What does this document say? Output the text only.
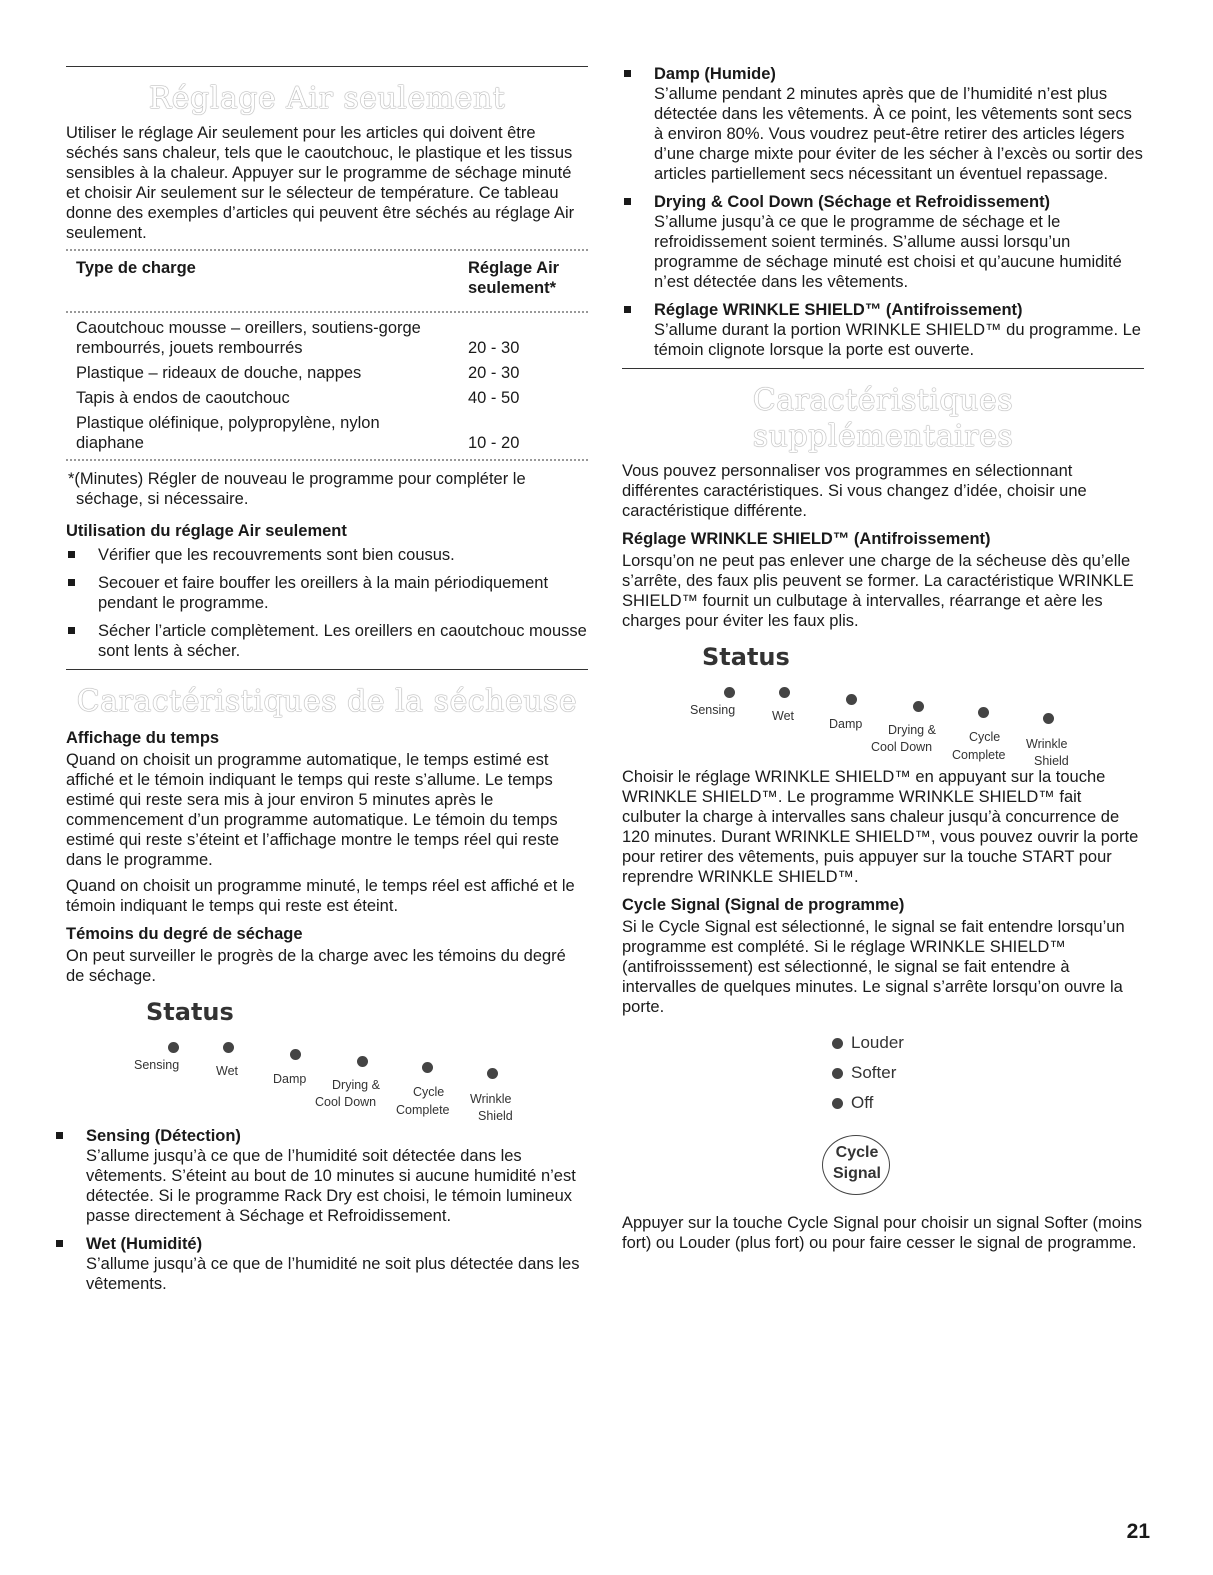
Réglage Air seulement

Utiliser le réglage Air seulement pour les articles qui doivent être séchés sans chaleur, tels que le caoutchouc, le plastique et les tissus sensibles à la chaleur. Appuyer sur le programme de séchage minuté et choisir Air seulement sur le sélecteur de température. Ce tableau donne des exemples d’articles qui peuvent être séchés au réglage Air seulement.

Type de charge	Réglage Air seulement*
Caoutchouc mousse – oreillers, soutiens-gorge rembourrés, jouets rembourrés	20 - 30
Plastique – rideaux de douche, nappes	20 - 30
Tapis à endos de caoutchouc	40 - 50
Plastique oléfinique, polypropylène, nylon diaphane	10 - 20

*(Minutes) Régler de nouveau le programme pour compléter le séchage, si nécessaire.

Utilisation du réglage Air seulement
Vérifier que les recouvrements sont bien cousus.
Secouer et faire bouffer les oreillers à la main périodiquement pendant le programme.
Sécher l’article complètement. Les oreillers en caoutchouc mousse sont lents à sécher.
Caractéristiques de la sécheuse
Affichage du temps

Quand on choisit un programme automatique, le temps estimé est affiché et le témoin indiquant le temps qui reste s’allume. Le temps estimé qui reste sera mis à jour environ 5 minutes après le commencement d’un programme automatique. Le témoin du temps estimé qui reste s’éteint et l’affichage montre le temps réel qui reste dans le programme.

Quand on choisit un programme minuté, le temps réel est affiché et le témoin indiquant le temps qui reste est éteint.

Témoins du degré de séchage

On peut surveiller le progrès de la charge avec les témoins du degré de séchage.

Status
Sensing	Wet
Damp Drying &
Cool Down
Cycle
Complete
Wrinkle
Shield
Sensing (Détection)
S’allume jusqu’à ce que de l’humidité soit détectée dans les vêtements. S’éteint au bout de 10 minutes si aucune humidité n’est détectée. Si le programme Rack Dry est choisi, le témoin lumineux passe directement à Séchage et Refroidissement.
Wet (Humidité)
S’allume jusqu’à ce que de l’humidité ne soit plus détectée dans les vêtements.
Damp (Humide)
S’allume pendant 2 minutes après que de l’humidité n’est plus détectée dans les vêtements. À ce point, les vêtements sont secs à environ 80%. Vous voudrez peut-être retirer des articles légers d’une charge mixte pour éviter de les sécher à l’excès ou sortir des articles partiellement secs nécessitant un éventuel repassage.
Drying & Cool Down (Séchage et Refroidissement)
S’allume jusqu’à ce que le programme de séchage et le refroidissement soient terminés. S’allume aussi lorsqu’un programme de séchage minuté est choisi et qu’aucune humidité n’est détectée dans les vêtements.
Réglage WRINKLE SHIELD™ (Antifroissement)
S’allume durant la portion WRINKLE SHIELD™ du programme. Le témoin clignote lorsque la porte est ouverte.
Caractéristiques supplémentaires

Vous pouvez personnaliser vos programmes en sélectionnant différentes caractéristiques. Si vous changez d’idée, choisir une caractéristique différente.

Réglage WRINKLE SHIELD™ (Antifroissement)

Lorsqu’on ne peut pas enlever une charge de la sécheuse dès qu’elle s’arrête, des faux plis peuvent se former. La caractéristique WRINKLE SHIELD™ fournit un culbutage à intervalles, réarrange et aère les charges pour éviter les faux plis.

Status
Sensing	Wet
Damp Drying &
Cool Down
Cycle
Complete
Wrinkle
Shield

Choisir le réglage WRINKLE SHIELD™ en appuyant sur la touche WRINKLE SHIELD™. Le programme WRINKLE SHIELD™ fait culbuter la charge à intervalles sans chaleur jusqu’à concurrence de 120 minutes. Durant WRINKLE SHIELD™, vous pouvez ouvrir la porte pour retirer des vêtements, puis appuyer sur la touche START pour reprendre WRINKLE SHIELD™.

Cycle Signal (Signal de programme)

Si le Cycle Signal est sélectionné, le signal se fait entendre lorsqu’un programme est complété. Si le réglage WRINKLE SHIELD™ (antifroisssement) est sélectionné, le signal se fait entendre à intervalles de quelques minutes. Le signal s’arrête lorsqu’on ouvre la porte.

Louder
Softer
Off
Cycle
Signal

Appuyer sur la touche Cycle Signal pour choisir un signal Softer (moins fort) ou Louder (plus fort) ou pour faire cesser le signal de programme.

21
